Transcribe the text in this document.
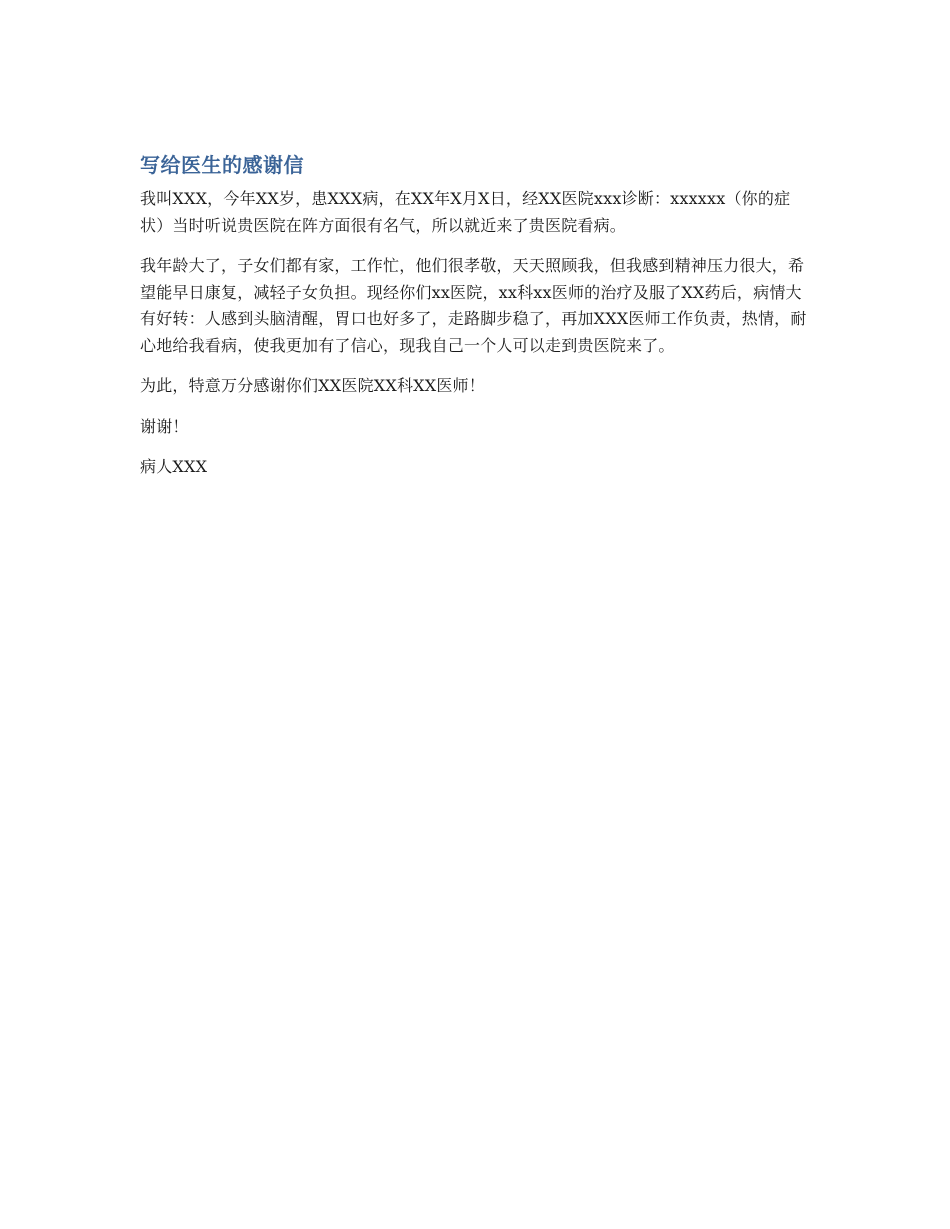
写给医生的感谢信

我叫XXX，今年XX岁，患XXX病，在XX年X月X日，经XX医院xxx诊断：xxxxxx（你的症状）当时听说贵医院在阵方面很有名气，所以就近来了贵医院看病。

我年龄大了，子女们都有家，工作忙，他们很孝敬，天天照顾我，但我感到精神压力很大，希望能早日康复，减轻子女负担。现经你们xx医院，xx科xx医师的治疗及服了XX药后，病情大有好转：人感到头脑清醒，胃口也好多了，走路脚步稳了，再加XXX医师工作负责，热情，耐心地给我看病，使我更加有了信心，现我自己一个人可以走到贵医院来了。

为此，特意万分感谢你们XX医院XX科XX医师！

谢谢！

病人XXX
